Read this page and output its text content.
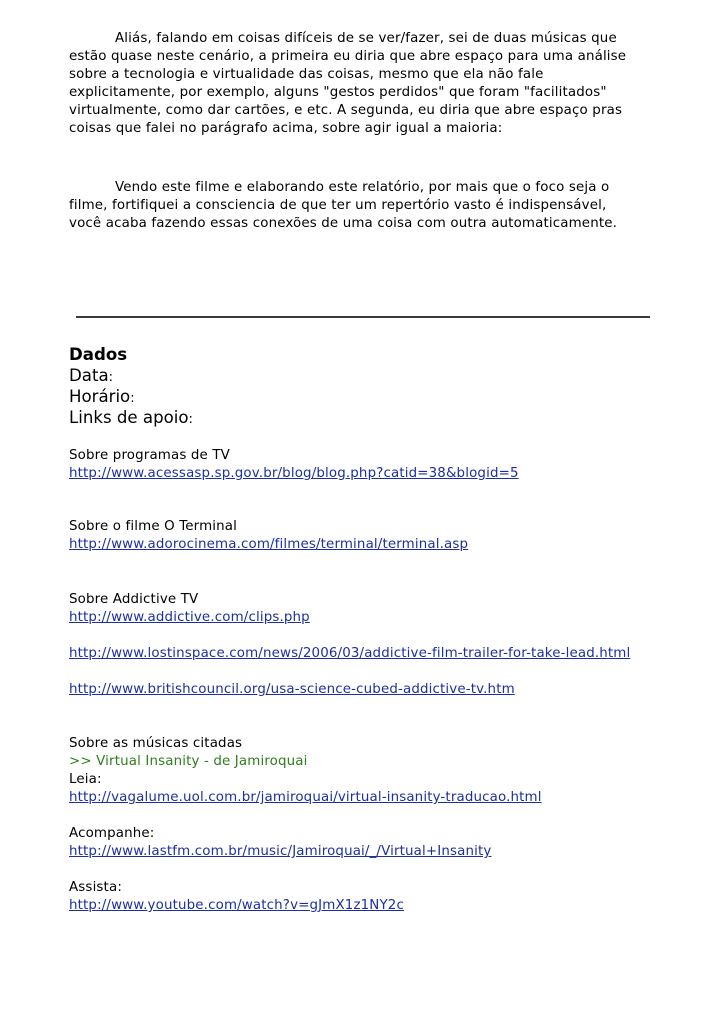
Aliás, falando em coisas difíceis de se ver/fazer, sei de duas músicas que
estão quase neste cenário, a primeira eu diria que abre espaço para uma análise
sobre a tecnologia e virtualidade das coisas, mesmo que ela não fale
explicitamente, por exemplo, alguns "gestos perdidos" que foram "facilitados"
virtualmente, como dar cartões, e etc. A segunda, eu diria que abre espaço pras
coisas que falei no parágrafo acima, sobre agir igual a maioria:

Vendo este filme e elaborando este relatório, por mais que o foco seja o
filme, fortifiquei a consciencia de que ter um repertório vasto é indispensável,
você acaba fazendo essas conexões de uma coisa com outra automaticamente.

Dados
Data:
Horário:
Links de apoio:
Sobre programas de TV
http://www.acessasp.sp.gov.br/blog/blog.php?catid=38&blogid=5
Sobre o filme O Terminal
http://www.adorocinema.com/filmes/terminal/terminal.asp
Sobre Addictive TV
http://www.addictive.com/clips.php
http://www.lostinspace.com/news/2006/03/addictive-film-trailer-for-take-lead.html
http://www.britishcouncil.org/usa-science-cubed-addictive-tv.htm
Sobre as músicas citadas
>> Virtual Insanity - de Jamiroquai
Leia:
http://vagalume.uol.com.br/jamiroquai/virtual-insanity-traducao.html
Acompanhe:
http://www.lastfm.com.br/music/Jamiroquai/_/Virtual+Insanity
Assista:
http://www.youtube.com/watch?v=gJmX1z1NY2c
